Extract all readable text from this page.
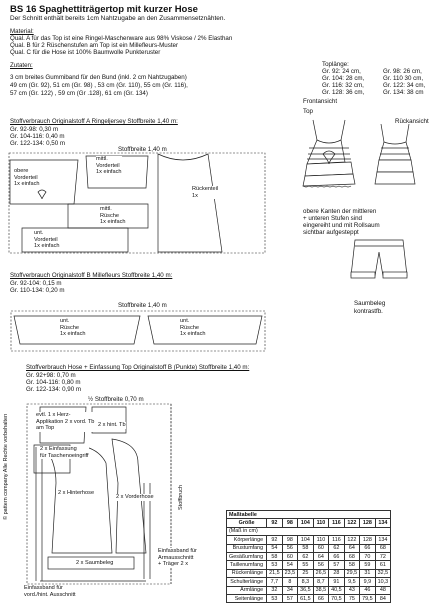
BS 16 Spaghettiträgertop mit kurzer Hose
Der Schnitt enthält bereits 1cm Nahtzugabe an den Zusammensetznähten.
Material:
Qual. A für das Top ist eine Ringel-Maschenware aus 98% Viskose / 2% Elasthan
Qual. B für 2 Rüschenstufen am Top ist ein Millefleurs-Muster
Qual. C für die Hose ist 100% Baumwolle Punkteruster
Zutaten:
3 cm breites Gummiband für den Bund (inkl. 2 cm Nahtzugaben)
49 cm (Gr. 92), 51 cm (Gr. 98) , 53 cm (Gr. 110), 55 cm (Gr. 116),
57 cm (Gr. 122) , 59 cm (Gr .128), 61 cm (Gr. 134)
Toplänge:
Gr. 92: 24 cm,	Gr. 98: 26 cm,
Gr. 104: 28 cm,	Gr. 110 30 cm,
Gr. 116: 32 cm,	Gr. 122: 34 cm,
Gr. 128: 36 cm,	Gr. 134: 38 cm
Frontansicht
Top
Rückansicht
obere Kanten der mittleren
+ unteren Stufen sind
eingereiht und mit Rollsaum
sichtbar aufgesteppt
Saumbeleg
kontrastfb.
Stoffverbrauch Originalstoff A Ringeljersey Stoffbreite 1,40 m:
Gr. 92-98: 0,30 m
Gr. 104-116: 0,40 m
Gr. 122-134: 0,50 m
Stoffbreite 1,40 m
obere
Vorderteil
1x einfach
mittl.
Vorderteil
1x einfach
Rückenteil
1x
mittl.
Rüsche
1x einfach
unt.
Vorderteil
1x einfach
Stoffverbrauch Originalstoff B Millefleurs Stoffbreite 1,40 m:
Gr. 92-104: 0,15 m
Gr. 110-134: 0,20 m
Stoffbreite 1,40 m
unt.
Rüsche
1x einfach
unt.
Rüsche
1x einfach
Stoffverbrauch Hose + Einfassung Top Originalstoff B (Punkte) Stoffbreite 1,40 m:
Gr. 92+98: 0,70 m
Gr. 104-116: 0,80 m
Gr. 122-134: 0,90 m
½ Stoffbreite 0,70 m
evtl. 1 x Herz-
Applikation 2 x vord. Tb
am Top
2 x hint. Tb
2 x Einfassung
für Taschenoeingriff
2 x Hinterhose
2 x Vorderhose
2 x Saumbeleg
Einfassband für
Armausschnitt
+ Träger 2 x
Einfassband für
vord./hint. Ausschnitt
Stoffbruch
© pattern company Alle Rechte vorbehalten	Maßtabelle								
Größe	92	98	104	110	116	122	128	134
(Maß in cm)								
Körperlänge	92	98	104	110	116	122	128	134
Brustumfang	54	56	58	60	62	64	66	68
Gesäßumfang	58	60	62	64	66	68	70	72
Taillenumfang	53	54	55	56	57	58	59	61
Rückenlänge	21,5	23,5	25	26,5	28	29,5	31	32,5
Schulterlänge	7,7	8	8,3	8,7	91	9,5	9,9	10,3
Armlänge	32	34	36,5	38,5	40,5	43	46	48
Seitenlänge	53	57	61,5	66	70,5	75	79,5	84
